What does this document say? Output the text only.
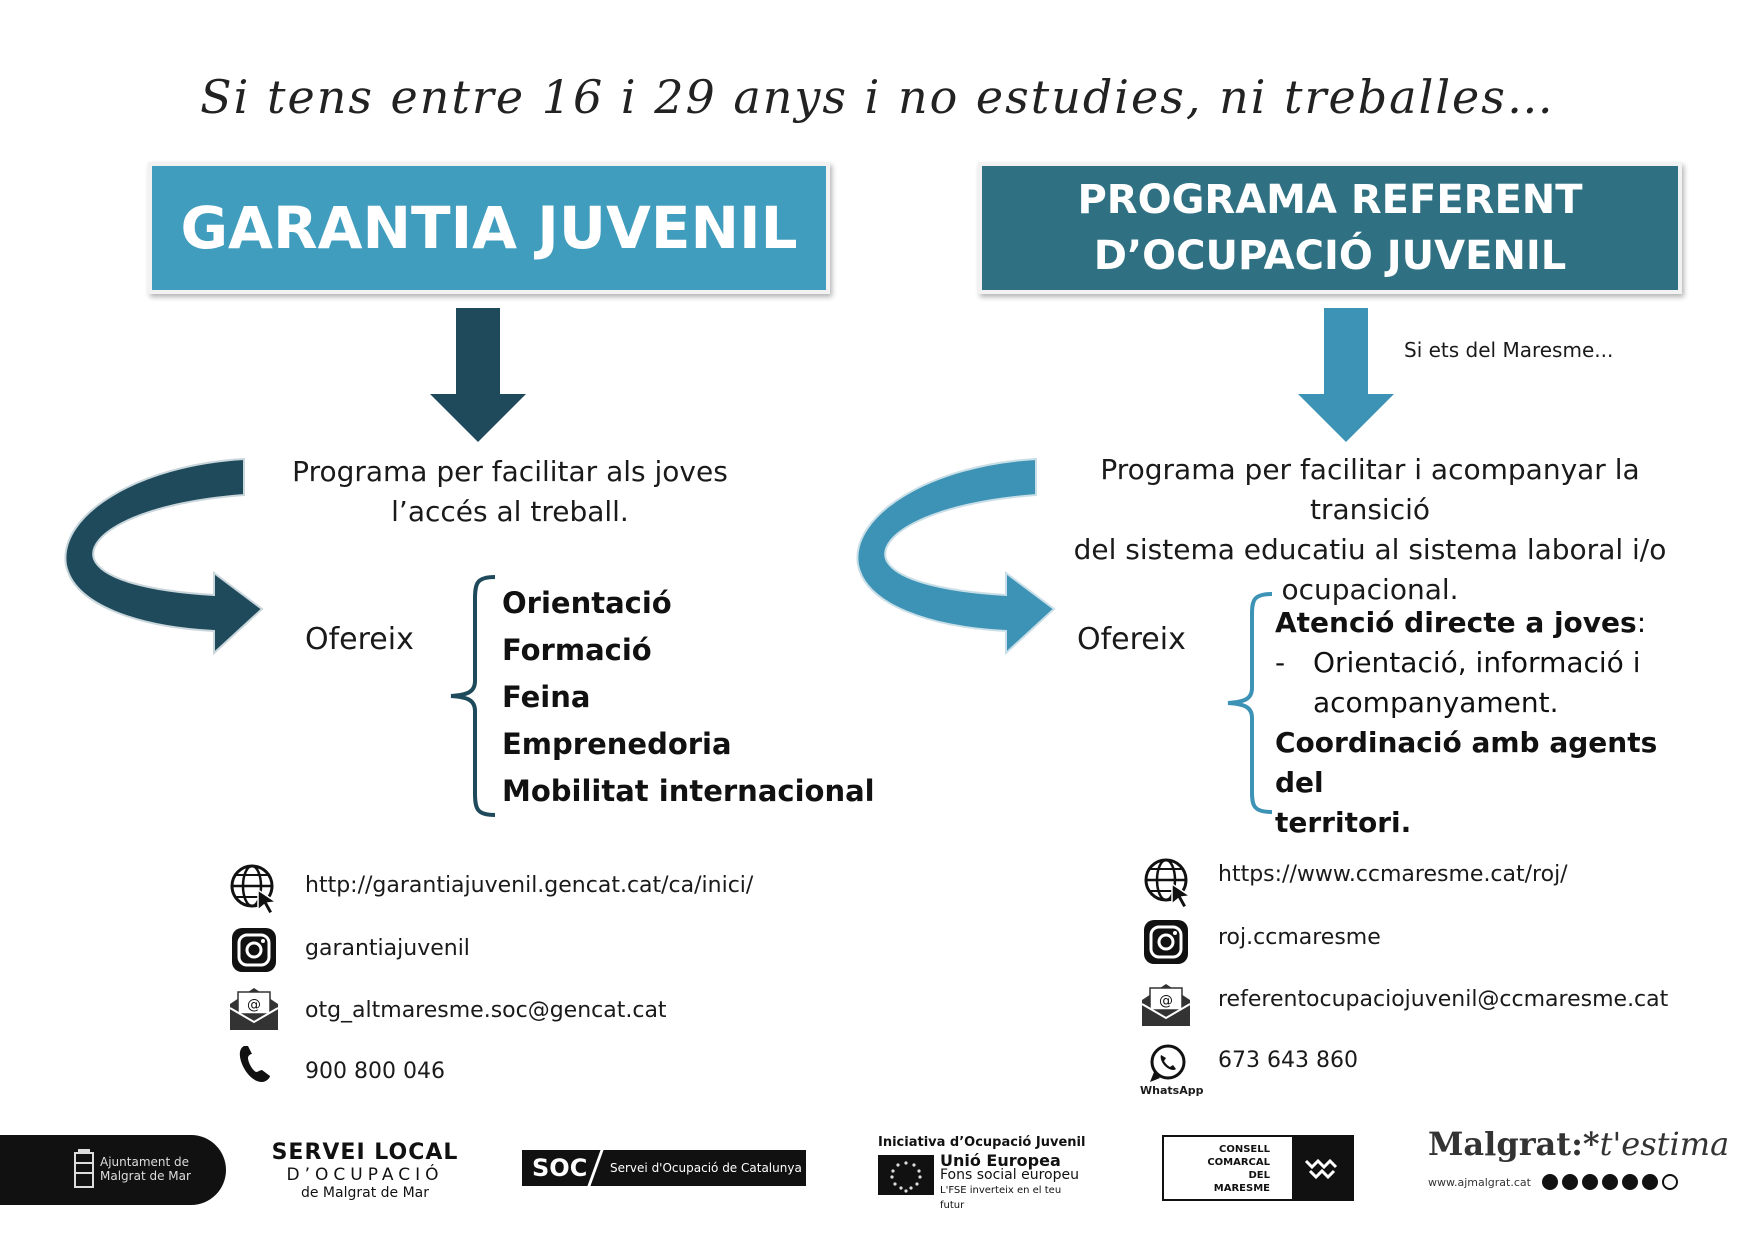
Si tens entre 16 i 29 anys i no estudies, ni treballes…
GARANTIA JUVENIL	PROGRAMA REFERENT
D’OCUPACIÓ JUVENIL
Si ets del Maresme...
Programa per facilitar als joves
l’accés al treball.
Programa per facilitar i acompanyar la transició
del sistema educatiu al sistema laboral i/o
ocupacional.
Ofereix
Orientació
Formació
Feina
Emprenedoria
Mobilitat internacional
Ofereix	Atenció directe a joves:
- Orientació, informació i
acompanyament.
Coordinació amb agents del
territori.
http://garantiajuvenil.gencat.cat/ca/inici/
garantiajuvenil
@ otg_altmaresme.soc@gencat.cat
900 800 046
https://www.ccmaresme.cat/roj/
roj.ccmaresme
@ referentocupaciojuvenil@ccmaresme.cat
WhatsApp
673 643 860
Ajuntament de
Malgrat de Mar
SERVEI LOCAL
D’OCUPACIÓ
de Malgrat de Mar
SOC Servei d'Ocupació de Catalunya
Iniciativa d’Ocupació Juvenil
Unió Europea
Fons social europeu
L'FSE inverteix en el teu futur
CONSELL
COMARCAL
DEL
MARESME
Malgrat:*t'estima
www.ajmalgrat.cat
